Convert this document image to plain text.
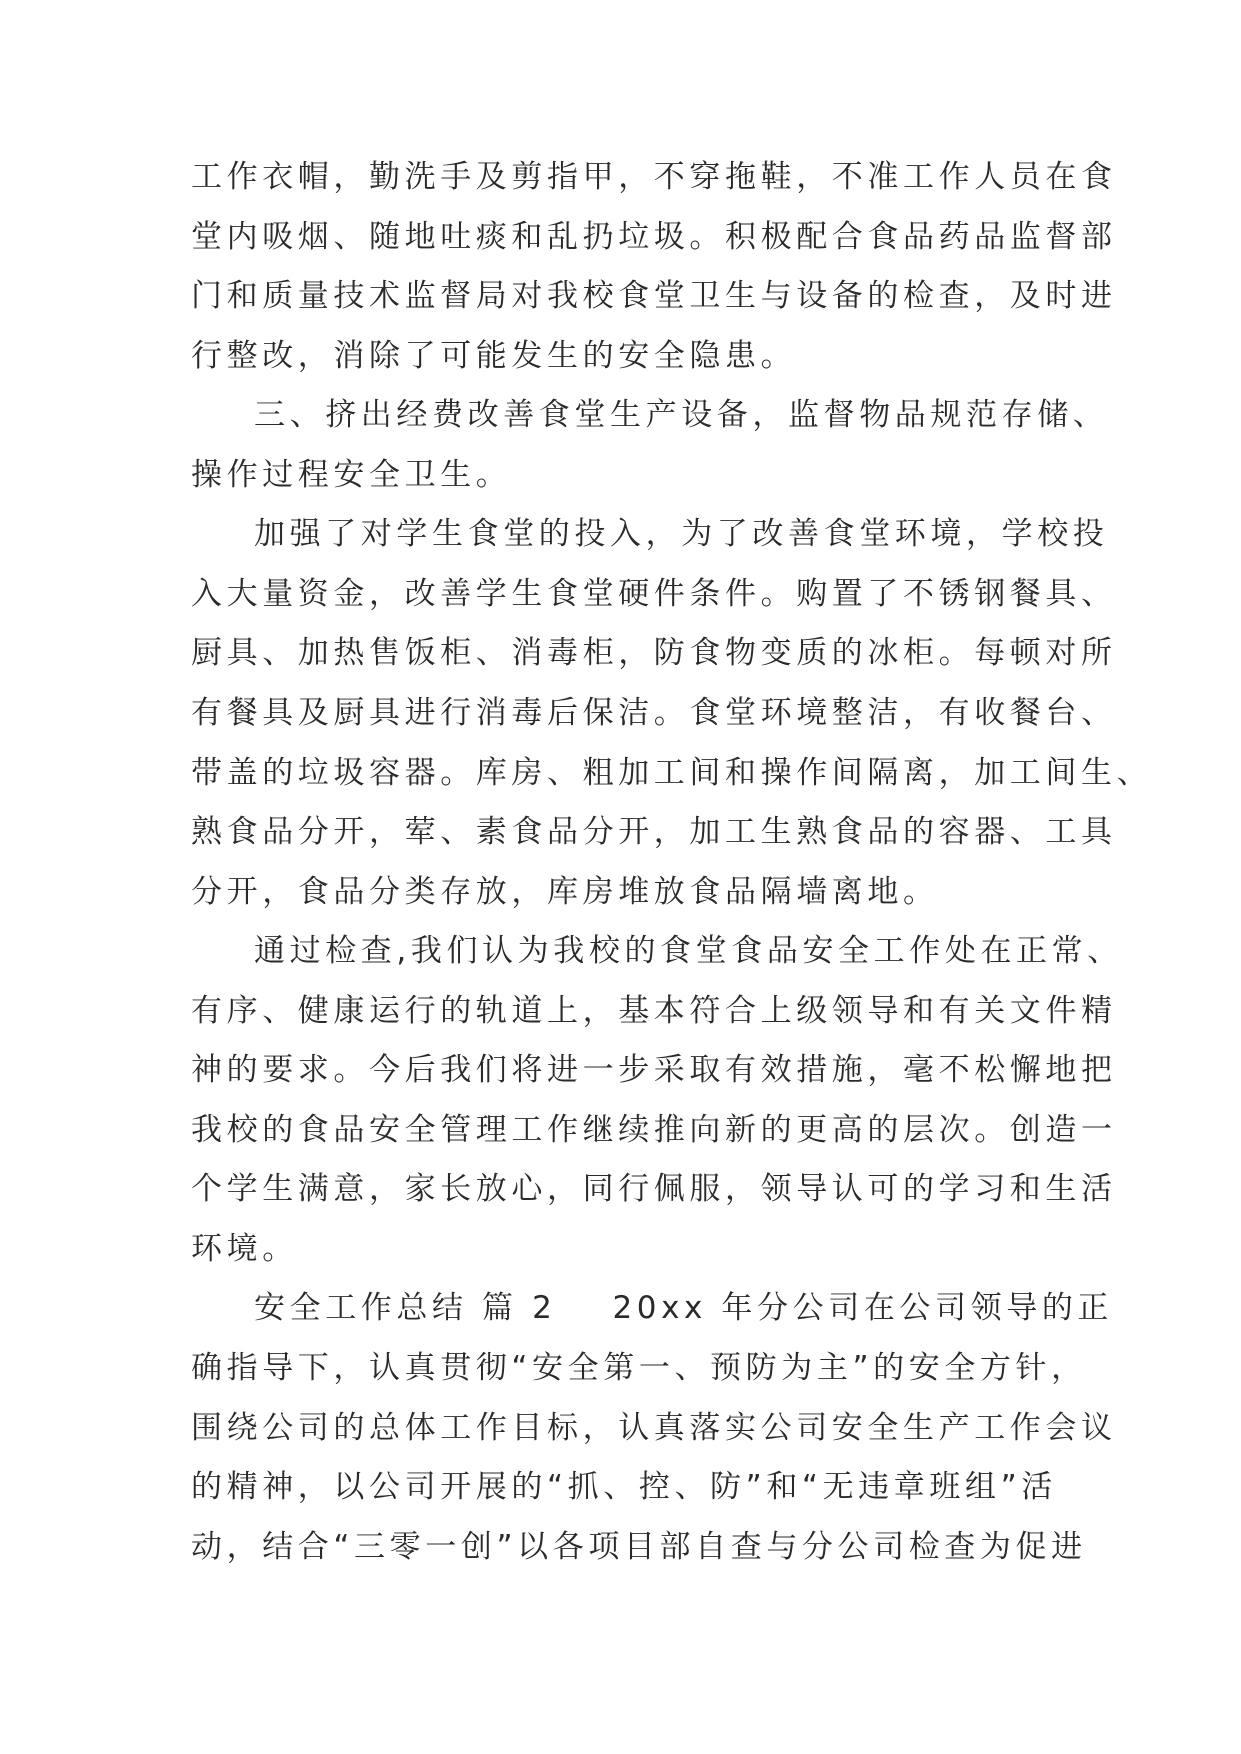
工作衣帽，勤洗手及剪指甲，不穿拖鞋，不准工作人员在食
堂内吸烟、随地吐痰和乱扔垃圾。积极配合食品药品监督部
门和质量技术监督局对我校食堂卫生与设备的检查，及时进
行整改，消除了可能发生的安全隐患。
三、挤出经费改善食堂生产设备，监督物品规范存储、
操作过程安全卫生。
加强了对学生食堂的投入，为了改善食堂环境，学校投
入大量资金，改善学生食堂硬件条件。购置了不锈钢餐具、
厨具、加热售饭柜、消毒柜，防食物变质的冰柜。每顿对所
有餐具及厨具进行消毒后保洁。食堂环境整洁，有收餐台、
带盖的垃圾容器。库房、粗加工间和操作间隔离，加工间生、
熟食品分开，荤、素食品分开，加工生熟食品的容器、工具
分开，食品分类存放，库房堆放食品隔墙离地。
通过检查,我们认为我校的食堂食品安全工作处在正常、
有序、健康运行的轨道上，基本符合上级领导和有关文件精
神的要求。今后我们将进一步采取有效措施，毫不松懈地把
我校的食品安全管理工作继续推向新的更高的层次。创造一
个学生满意，家长放心，同行佩服，领导认可的学习和生活
环境。
安全工作总结 篇 2 20xx 年分公司在公司领导的正
确指导下，认真贯彻“安全第一、预防为主”的安全方针，
围绕公司的总体工作目标，认真落实公司安全生产工作会议
的精神，以公司开展的“抓、控、防”和“无违章班组”活
动，结合“三零一创”以各项目部自查与分公司检查为促进
